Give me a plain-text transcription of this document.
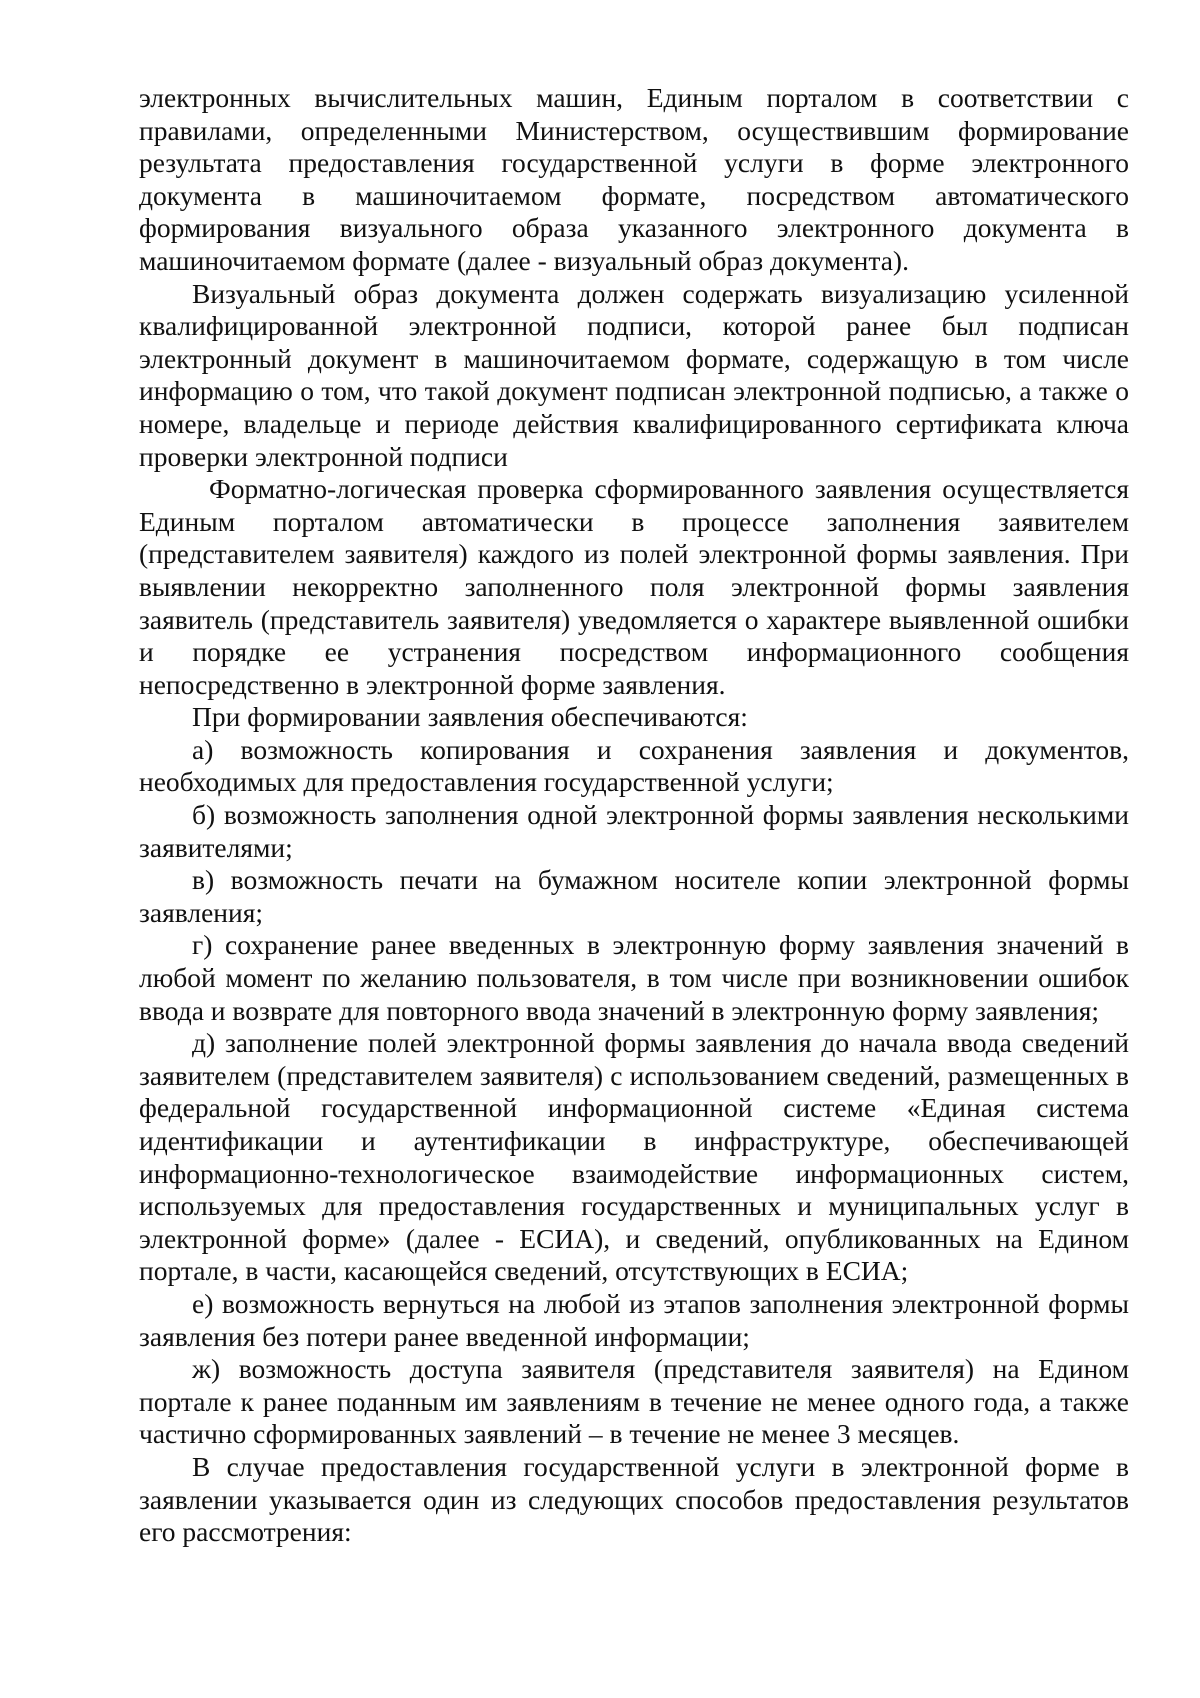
электронных вычислительных машин, Единым порталом в соответствии с правилами, определенными Министерством, осуществившим формирование результата предоставления государственной услуги в форме электронного документа в машиночитаемом формате, посредством автоматического формирования визуального образа указанного электронного документа в машиночитаемом формате (далее - визуальный образ документа).

Визуальный образ документа должен содержать визуализацию усиленной квалифицированной электронной подписи, которой ранее был подписан электронный документ в машиночитаемом формате, содержащую в том числе информацию о том, что такой документ подписан электронной подписью, а также о номере, владельце и периоде действия квалифицированного сертификата ключа проверки электронной подписи

Форматно-логическая проверка сформированного заявления осуществляется Единым порталом автоматически в процессе заполнения заявителем (представителем заявителя) каждого из полей электронной формы заявления. При выявлении некорректно заполненного поля электронной формы заявления заявитель (представитель заявителя) уведомляется о характере выявленной ошибки и порядке ее устранения посредством информационного сообщения непосредственно в электронной форме заявления.

При формировании заявления обеспечиваются:

а) возможность копирования и сохранения заявления и документов, необходимых для предоставления государственной услуги;

б) возможность заполнения одной электронной формы заявления несколькими заявителями;

в) возможность печати на бумажном носителе копии электронной формы заявления;

г) сохранение ранее введенных в электронную форму заявления значений в любой момент по желанию пользователя, в том числе при возникновении ошибок ввода и возврате для повторного ввода значений в электронную форму заявления;

д) заполнение полей электронной формы заявления до начала ввода сведений заявителем (представителем заявителя) с использованием сведений, размещенных в федеральной государственной информационной системе «Единая система идентификации и аутентификации в инфраструктуре, обеспечивающей информационно-технологическое взаимодействие информационных систем, используемых для предоставления государственных и муниципальных услуг в электронной форме» (далее - ЕСИА), и сведений, опубликованных на Едином портале, в части, касающейся сведений, отсутствующих в ЕСИА;

е) возможность вернуться на любой из этапов заполнения электронной формы заявления без потери ранее введенной информации;

ж) возможность доступа заявителя (представителя заявителя) на Едином портале к ранее поданным им заявлениям в течение не менее одного года, а также частично сформированных заявлений – в течение не менее 3 месяцев.

В случае предоставления государственной услуги в электронной форме в заявлении указывается один из следующих способов предоставления результатов его рассмотрения:
